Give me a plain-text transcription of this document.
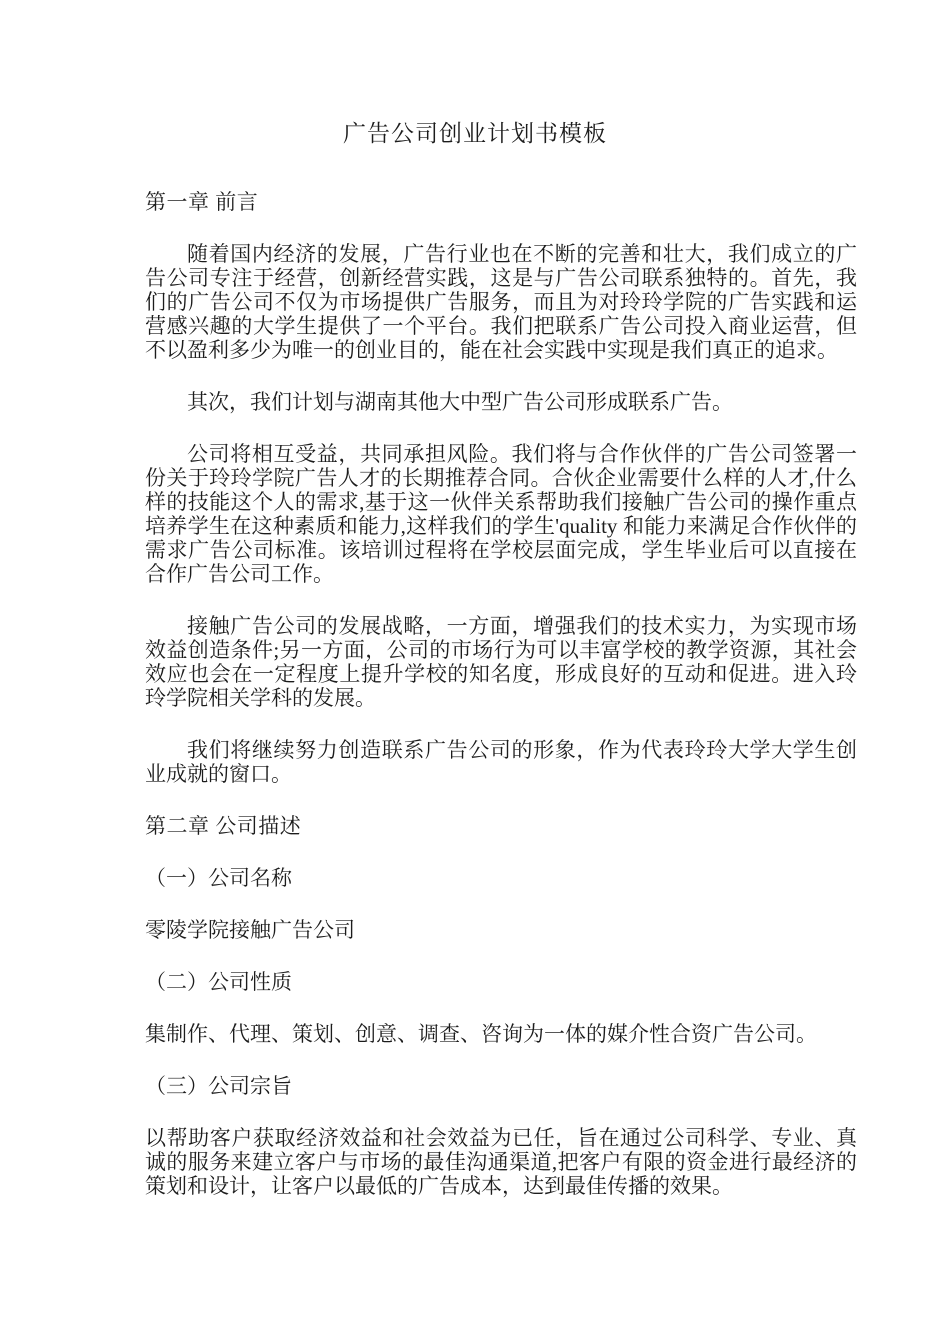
广告公司创业计划书模板
第一章 前言
随着国内经济的发展，广告行业也在不断的完善和壮大，我们成立的广告公司专注于经营，创新经营实践，这是与广告公司联系独特的。首先，我们的广告公司不仅为市场提供广告服务，而且为对玲玲学院的广告实践和运营感兴趣的大学生提供了一个平台。我们把联系广告公司投入商业运营，但不以盈利多少为唯一的创业目的，能在社会实践中实现是我们真正的追求。
其次，我们计划与湖南其他大中型广告公司形成联系广告。
公司将相互受益，共同承担风险。我们将与合作伙伴的广告公司签署一份关于玲玲学院广告人才的长期推荐合同。合伙企业需要什么样的人才,什么样的技能这个人的需求,基于这一伙伴关系帮助我们接触广告公司的操作重点培养学生在这种素质和能力,这样我们的学生'quality 和能力来满足合作伙伴的需求广告公司标准。该培训过程将在学校层面完成，学生毕业后可以直接在合作广告公司工作。
接触广告公司的发展战略，一方面，增强我们的技术实力，为实现市场效益创造条件;另一方面，公司的市场行为可以丰富学校的教学资源，其社会效应也会在一定程度上提升学校的知名度，形成良好的互动和促进。进入玲玲学院相关学科的发展。
我们将继续努力创造联系广告公司的形象，作为代表玲玲大学大学生创业成就的窗口。
第二章 公司描述
（一）公司名称
零陵学院接触广告公司
（二）公司性质
集制作、代理、策划、创意、调查、咨询为一体的媒介性合资广告公司。
（三）公司宗旨
以帮助客户获取经济效益和社会效益为已任，旨在通过公司科学、专业、真诚的服务来建立客户与市场的最佳沟通渠道,把客户有限的资金进行最经济的策划和设计，让客户以最低的广告成本，达到最佳传播的效果。
